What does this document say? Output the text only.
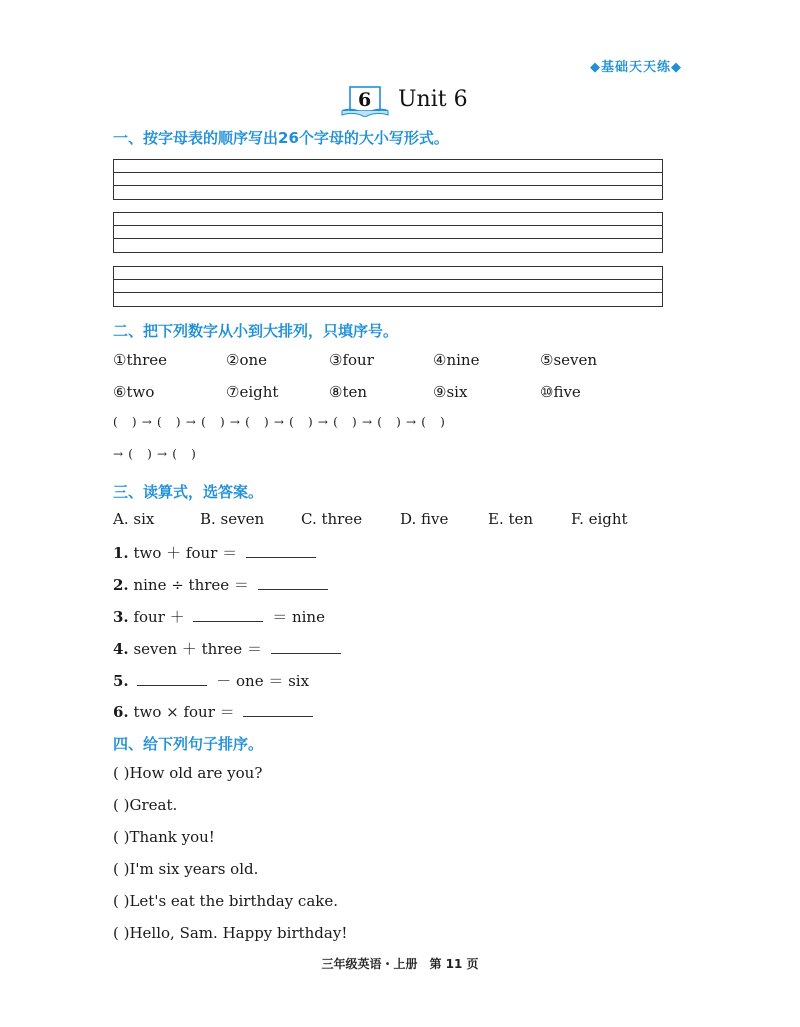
◆基础天天练◆
6 Unit 6
一、按字母表的顺序写出26个字母的大小写形式。
二、把下列数字从小到大排列，只填序号。
①three	②one	③four	④nine	⑤seven
⑥two	⑦eight	⑧ten	⑨six	⑩five
( )→( )→( )→( )→( )→( )→( )→( )
→( )→( )
三、读算式，选答案。
A. six	B. seven C. three	D. five	E. ten	F. eight
1. two ＋ four ＝
2. nine ÷ three ＝
3. four ＋	＝ nine
4. seven ＋ three ＝
5.	－ one ＝ six
6. two × four ＝
四、给下列句子排序。
( )How old are you?
( )Great.
( )Thank you!
( )I'm six years old.
( )Let's eat the birthday cake.
( )Hello, Sam. Happy birthday!
三年级英语・上册　第 11 页
